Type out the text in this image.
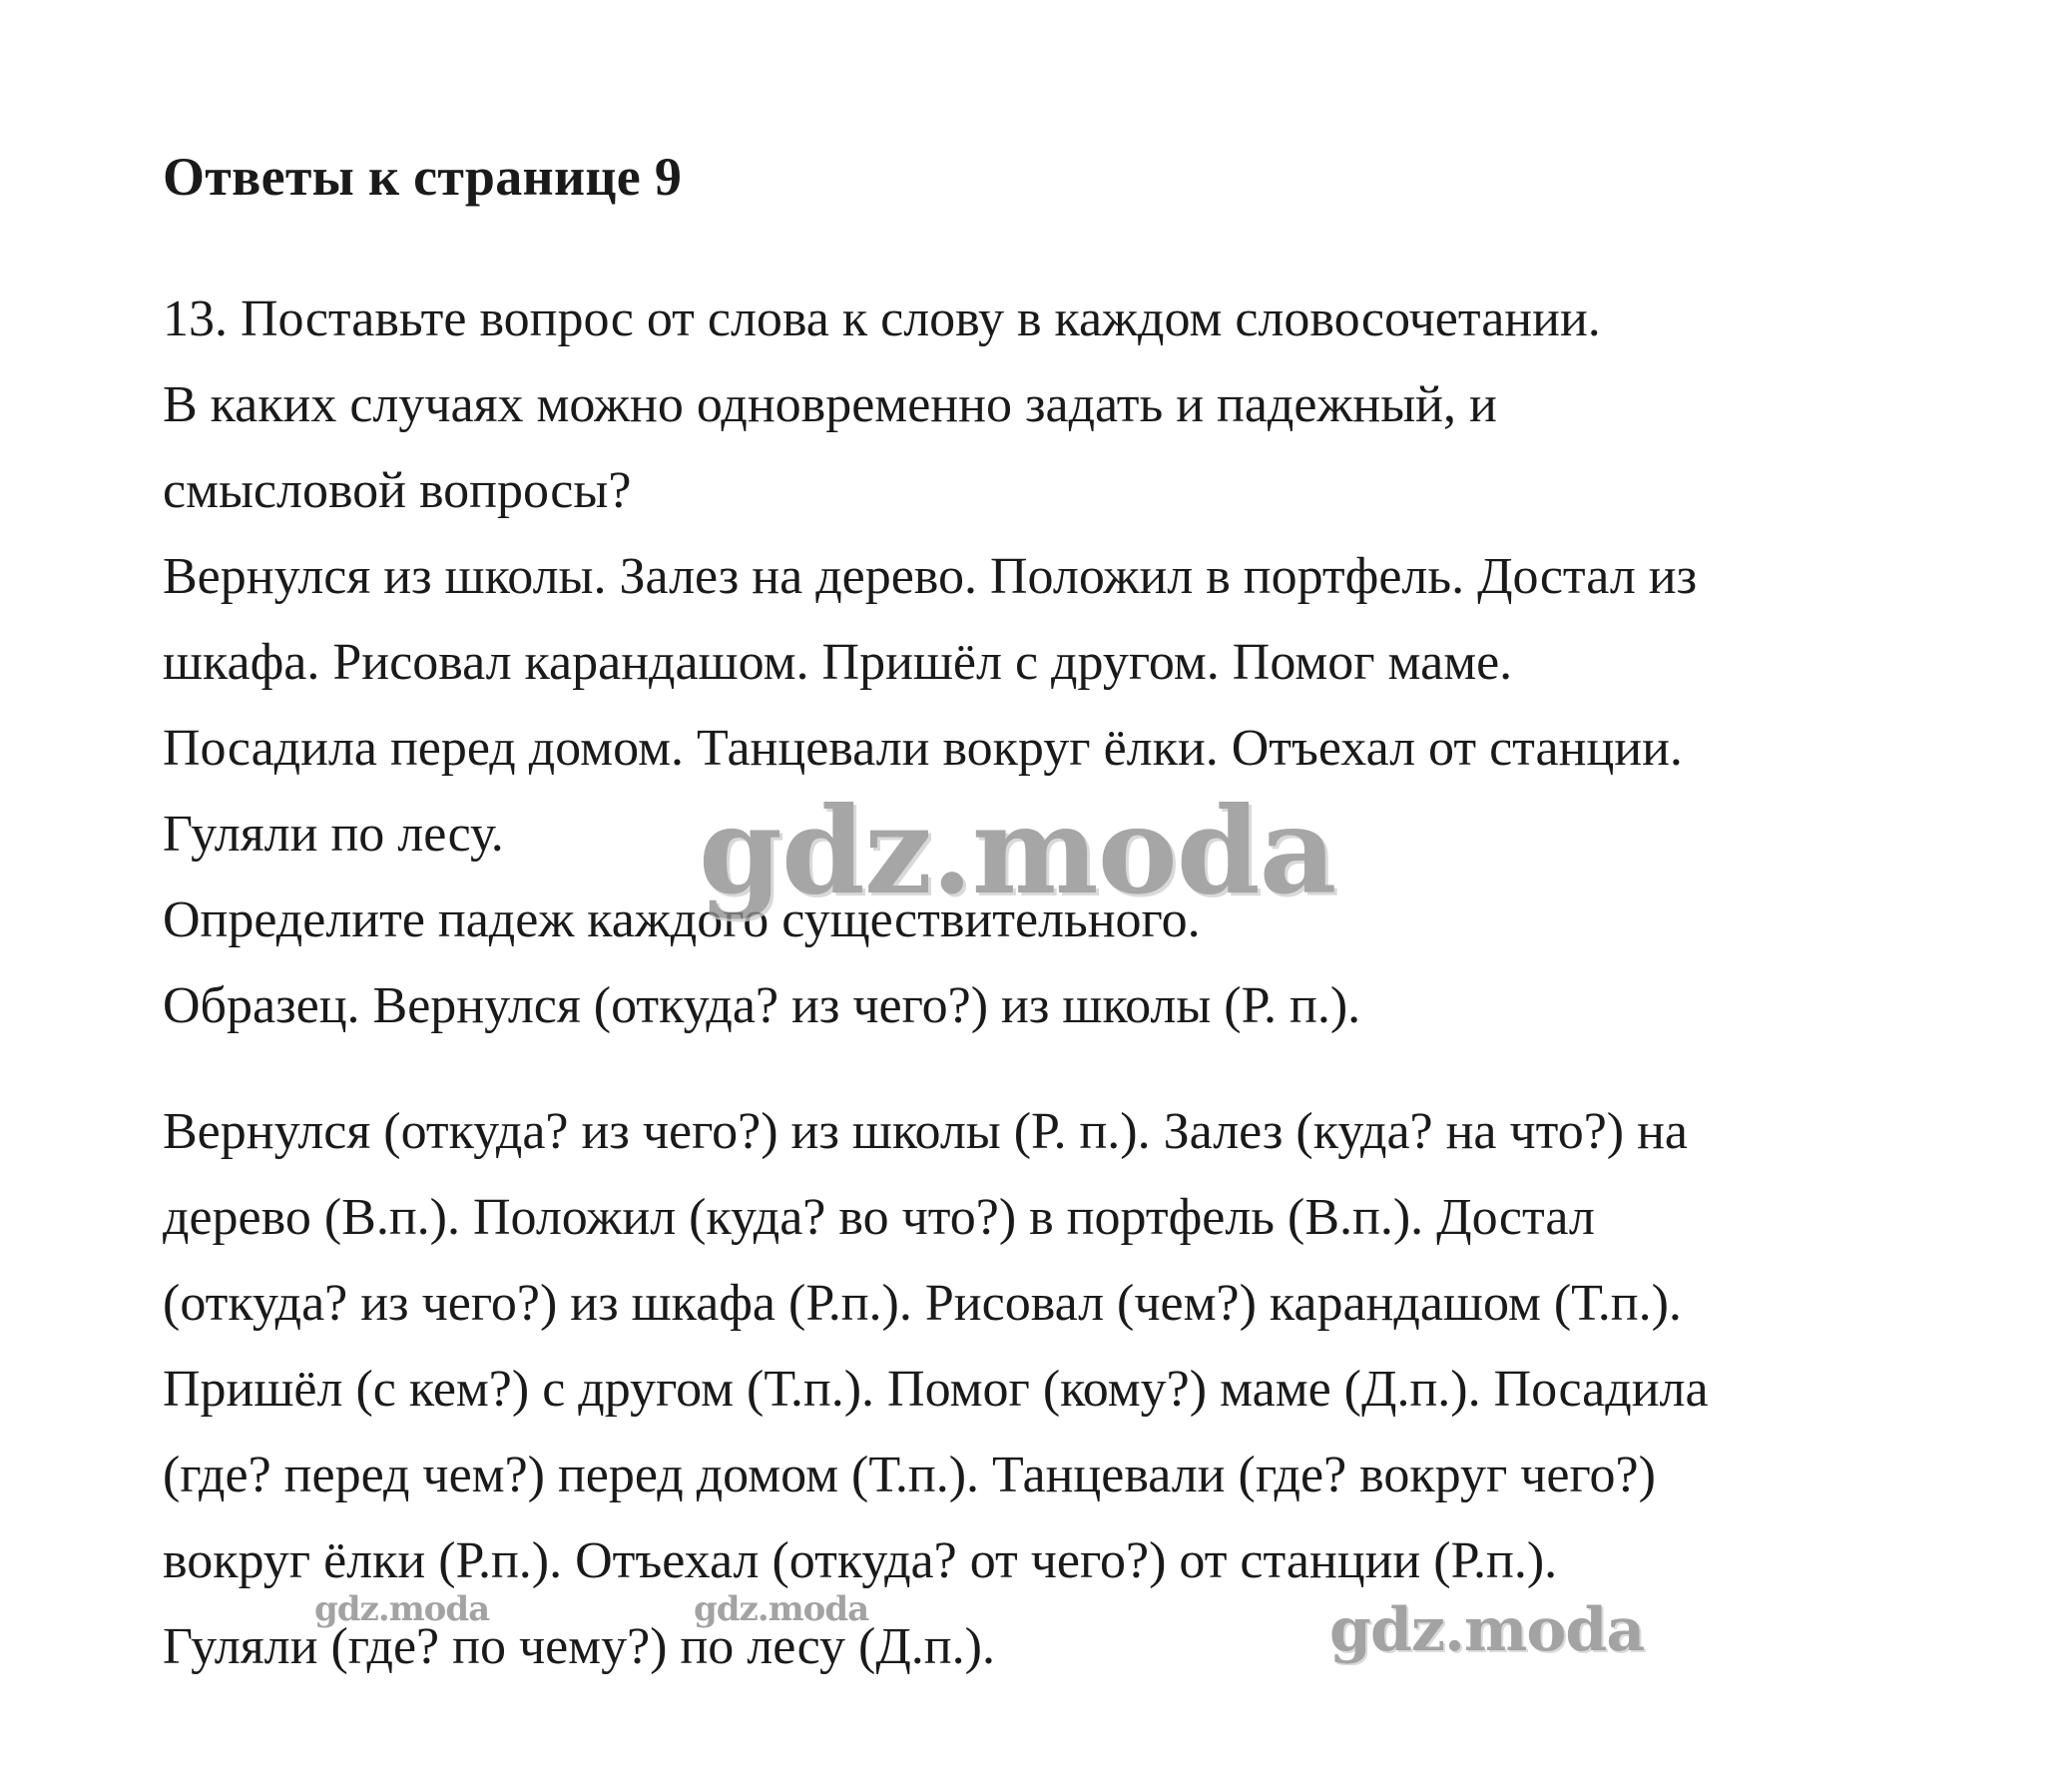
Ответы к странице 9
13. Поставьте вопрос от слова к слову в каждом словосочетании.
В каких случаях можно одновременно задать и падежный, и
смысловой вопросы?
Вернулся из школы. Залез на дерево. Положил в портфель. Достал из
шкафа. Рисовал карандашом. Пришёл с другом. Помог маме.
Посадила перед домом. Танцевали вокруг ёлки. Отъехал от станции.
Гуляли по лесу.
Определите падеж каждого существительного.
Образец. Вернулся (откуда? из чего?) из школы (Р. п.).
Вернулся (откуда? из чего?) из школы (Р. п.). Залез (куда? на что?) на
дерево (В.п.). Положил (куда? во что?) в портфель (В.п.). Достал
(откуда? из чего?) из шкафа (Р.п.). Рисовал (чем?) карандашом (Т.п.).
Пришёл (с кем?) с другом (Т.п.). Помог (кому?) маме (Д.п.). Посадила
(где? перед чем?) перед домом (Т.п.). Танцевали (где? вокруг чего?)
вокруг ёлки (Р.п.). Отъехал (откуда? от чего?) от станции (Р.п.).
Гуляли (где? по чему?) по лесу (Д.п.).
gdz.moda
gdz.moda	gdz.moda	gdz.moda
